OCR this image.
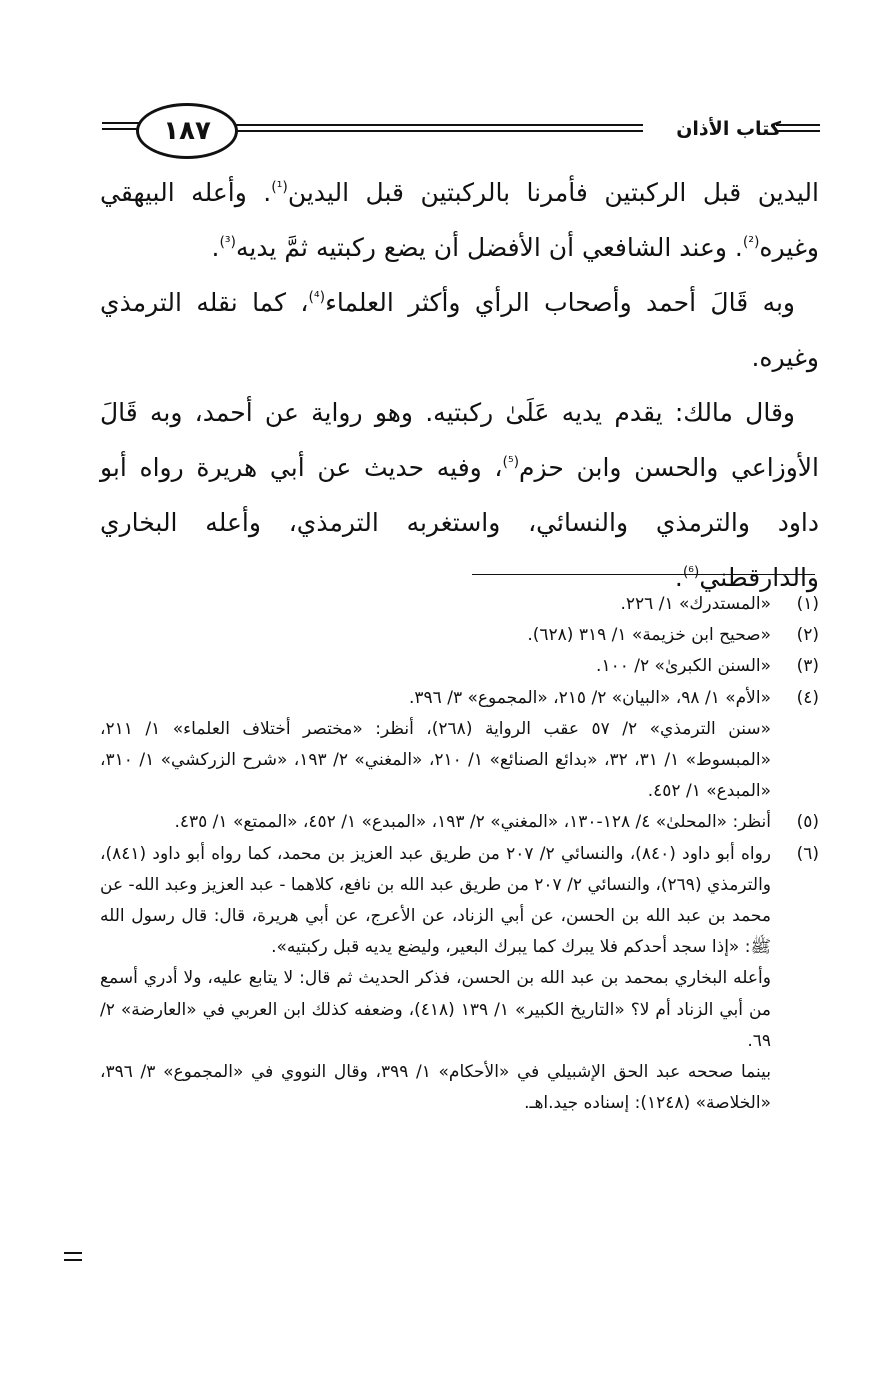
١٨٧	كتاب الأذان

اليدين قبل الركبتين فأمرنا بالركبتين قبل اليدين$^{(^1)}$. وأعله البيهقي وغيره$^{(^2)}$. وعند الشافعي أن الأفضل أن يضع ركبتيه ثمَّ يديه$^{(^3)}$.

وبه قَالَ أحمد وأصحاب الرأي وأكثر العلماء$^{(^4)}$، كما نقله الترمذي وغيره.

وقال مالك: يقدم يديه عَلَىٰ ركبتيه. وهو رواية عن أحمد، وبه قَالَ الأوزاعي والحسن وابن حزم$^{(^5)}$، وفيه حديث عن أبي هريرة رواه أبو داود والترمذي والنسائي، واستغربه الترمذي، وأعله البخاري والدارقطني$^{(^6)}$.

(١)
«المستدرك» ١/ ٢٢٦.
(٢)
«صحيح ابن خزيمة» ١/ ٣١٩ (٦٢٨).
(٣)
«السنن الكبرىٰ» ٢/ ١٠٠.
(٤)
«الأم» ١/ ٩٨، «البيان» ٢/ ٢١٥، «المجموع» ٣/ ٣٩٦.
«سنن الترمذي» ٢/ ٥٧ عقب الرواية (٢٦٨)، أنظر: «مختصر أختلاف العلماء» ١/ ٢١١، «المبسوط» ١/ ٣١، ٣٢، «بدائع الصنائع» ١/ ٢١٠، «المغني» ٢/ ١٩٣، «شرح الزركشي» ١/ ٣١٠، «المبدع» ١/ ٤٥٢.
(٥)
أنظر: «المحلىٰ» ٤/ ١٢٨-١٣٠، «المغني» ٢/ ١٩٣، «المبدع» ١/ ٤٥٢، «الممتع» ١/ ٤٣٥.
(٦)
رواه أبو داود (٨٤٠)، والنسائي ٢/ ٢٠٧ من طريق عبد العزيز بن محمد، كما رواه أبو داود (٨٤١)، والترمذي (٢٦٩)، والنسائي ٢/ ٢٠٧ من طريق عبد الله بن نافع، كلاهما - عبد العزيز وعبد الله- عن محمد بن عبد الله بن الحسن، عن أبي الزناد، عن الأعرج، عن أبي هريرة، قال: قال رسول الله ﷺ: «إذا سجد أحدكم فلا يبرك كما يبرك البعير، وليضع يديه قبل ركبتيه».
وأعله البخاري بمحمد بن عبد الله بن الحسن، فذكر الحديث ثم قال: لا يتابع عليه، ولا أدري أسمع من أبي الزناد أم لا؟ «التاريخ الكبير» ١/ ١٣٩ (٤١٨)، وضعفه كذلك ابن العربي في «العارضة» ٢/ ٦٩.
بينما صححه عبد الحق الإشبيلي في «الأحكام» ١/ ٣٩٩، وقال النووي في «المجموع» ٣/ ٣٩٦، «الخلاصة» (١٢٤٨): إسناده جيد.اهـ.
